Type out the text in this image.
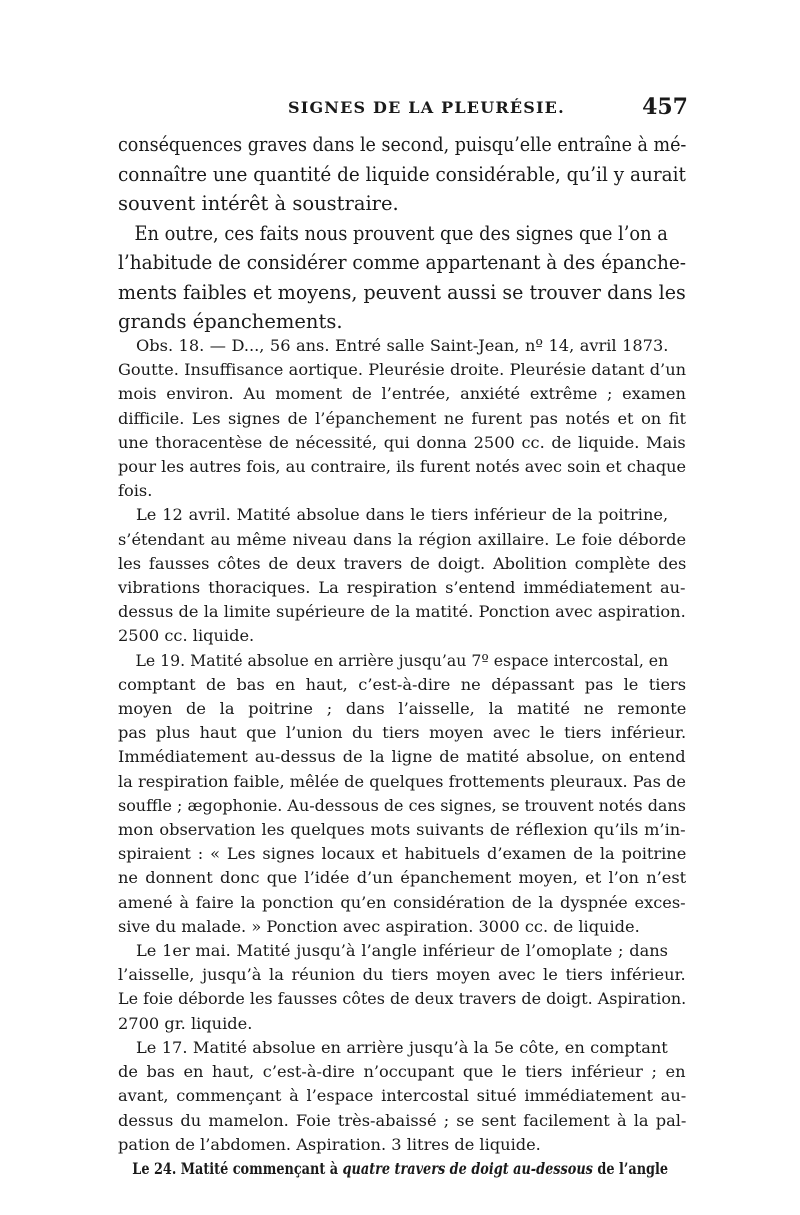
SIGNES DE LA PLEURÉSIE.	457

conséquences graves dans le second, puisqu’elle entraîne à mé-
connaître une quantité de liquide considérable, qu’il y aurait
souvent intérêt à soustraire.

En outre, ces faits nous prouvent que des signes que l’on a
l’habitude de considérer comme appartenant à des épanche-
ments faibles et moyens, peuvent aussi se trouver dans les
grands épanchements.

Obs. 18. — D..., 56 ans. Entré salle Saint-Jean, nº 14, avril 1873.
Goutte. Insuffisance aortique. Pleurésie droite. Pleurésie datant d’un
mois environ. Au moment de l’entrée, anxiété extrême ; examen
difficile. Les signes de l’épanchement ne furent pas notés et on fit
une thoracentèse de nécessité, qui donna 2500 cc. de liquide. Mais
pour les autres fois, au contraire, ils furent notés avec soin et chaque
fois.

Le 12 avril. Matité absolue dans le tiers inférieur de la poitrine,
s’étendant au même niveau dans la région axillaire. Le foie déborde
les fausses côtes de deux travers de doigt. Abolition complète des
vibrations thoraciques. La respiration s’entend immédiatement au-
dessus de la limite supérieure de la matité. Ponction avec aspiration.
2500 cc. liquide.

Le 19. Matité absolue en arrière jusqu’au 7º espace intercostal, en
comptant de bas en haut, c’est-à-dire ne dépassant pas le tiers
moyen de la poitrine ; dans l’aisselle, la matité ne remonte
pas plus haut que l’union du tiers moyen avec le tiers inférieur.
Immédiatement au-dessus de la ligne de matité absolue, on entend
la respiration faible, mêlée de quelques frottements pleuraux. Pas de
souffle ; ægophonie. Au-dessous de ces signes, se trouvent notés dans
mon observation les quelques mots suivants de réflexion qu’ils m’in-
spiraient : « Les signes locaux et habituels d’examen de la poitrine
ne donnent donc que l’idée d’un épanchement moyen, et l’on n’est
amené à faire la ponction qu’en considération de la dyspnée exces-
sive du malade. » Ponction avec aspiration. 3000 cc. de liquide.

Le 1er mai. Matité jusqu’à l’angle inférieur de l’omoplate ; dans
l’aisselle, jusqu’à la réunion du tiers moyen avec le tiers inférieur.
Le foie déborde les fausses côtes de deux travers de doigt. Aspiration.
2700 gr. liquide.

Le 17. Matité absolue en arrière jusqu’à la 5e côte, en comptant
de bas en haut, c’est-à-dire n’occupant que le tiers inférieur ; en
avant, commençant à l’espace intercostal situé immédiatement au-
dessus du mamelon. Foie très-abaissé ; se sent facilement à la pal-
pation de l’abdomen. Aspiration. 3 litres de liquide.

Le 24. Matité commençant à quatre travers de doigt au-dessous de l’angle
